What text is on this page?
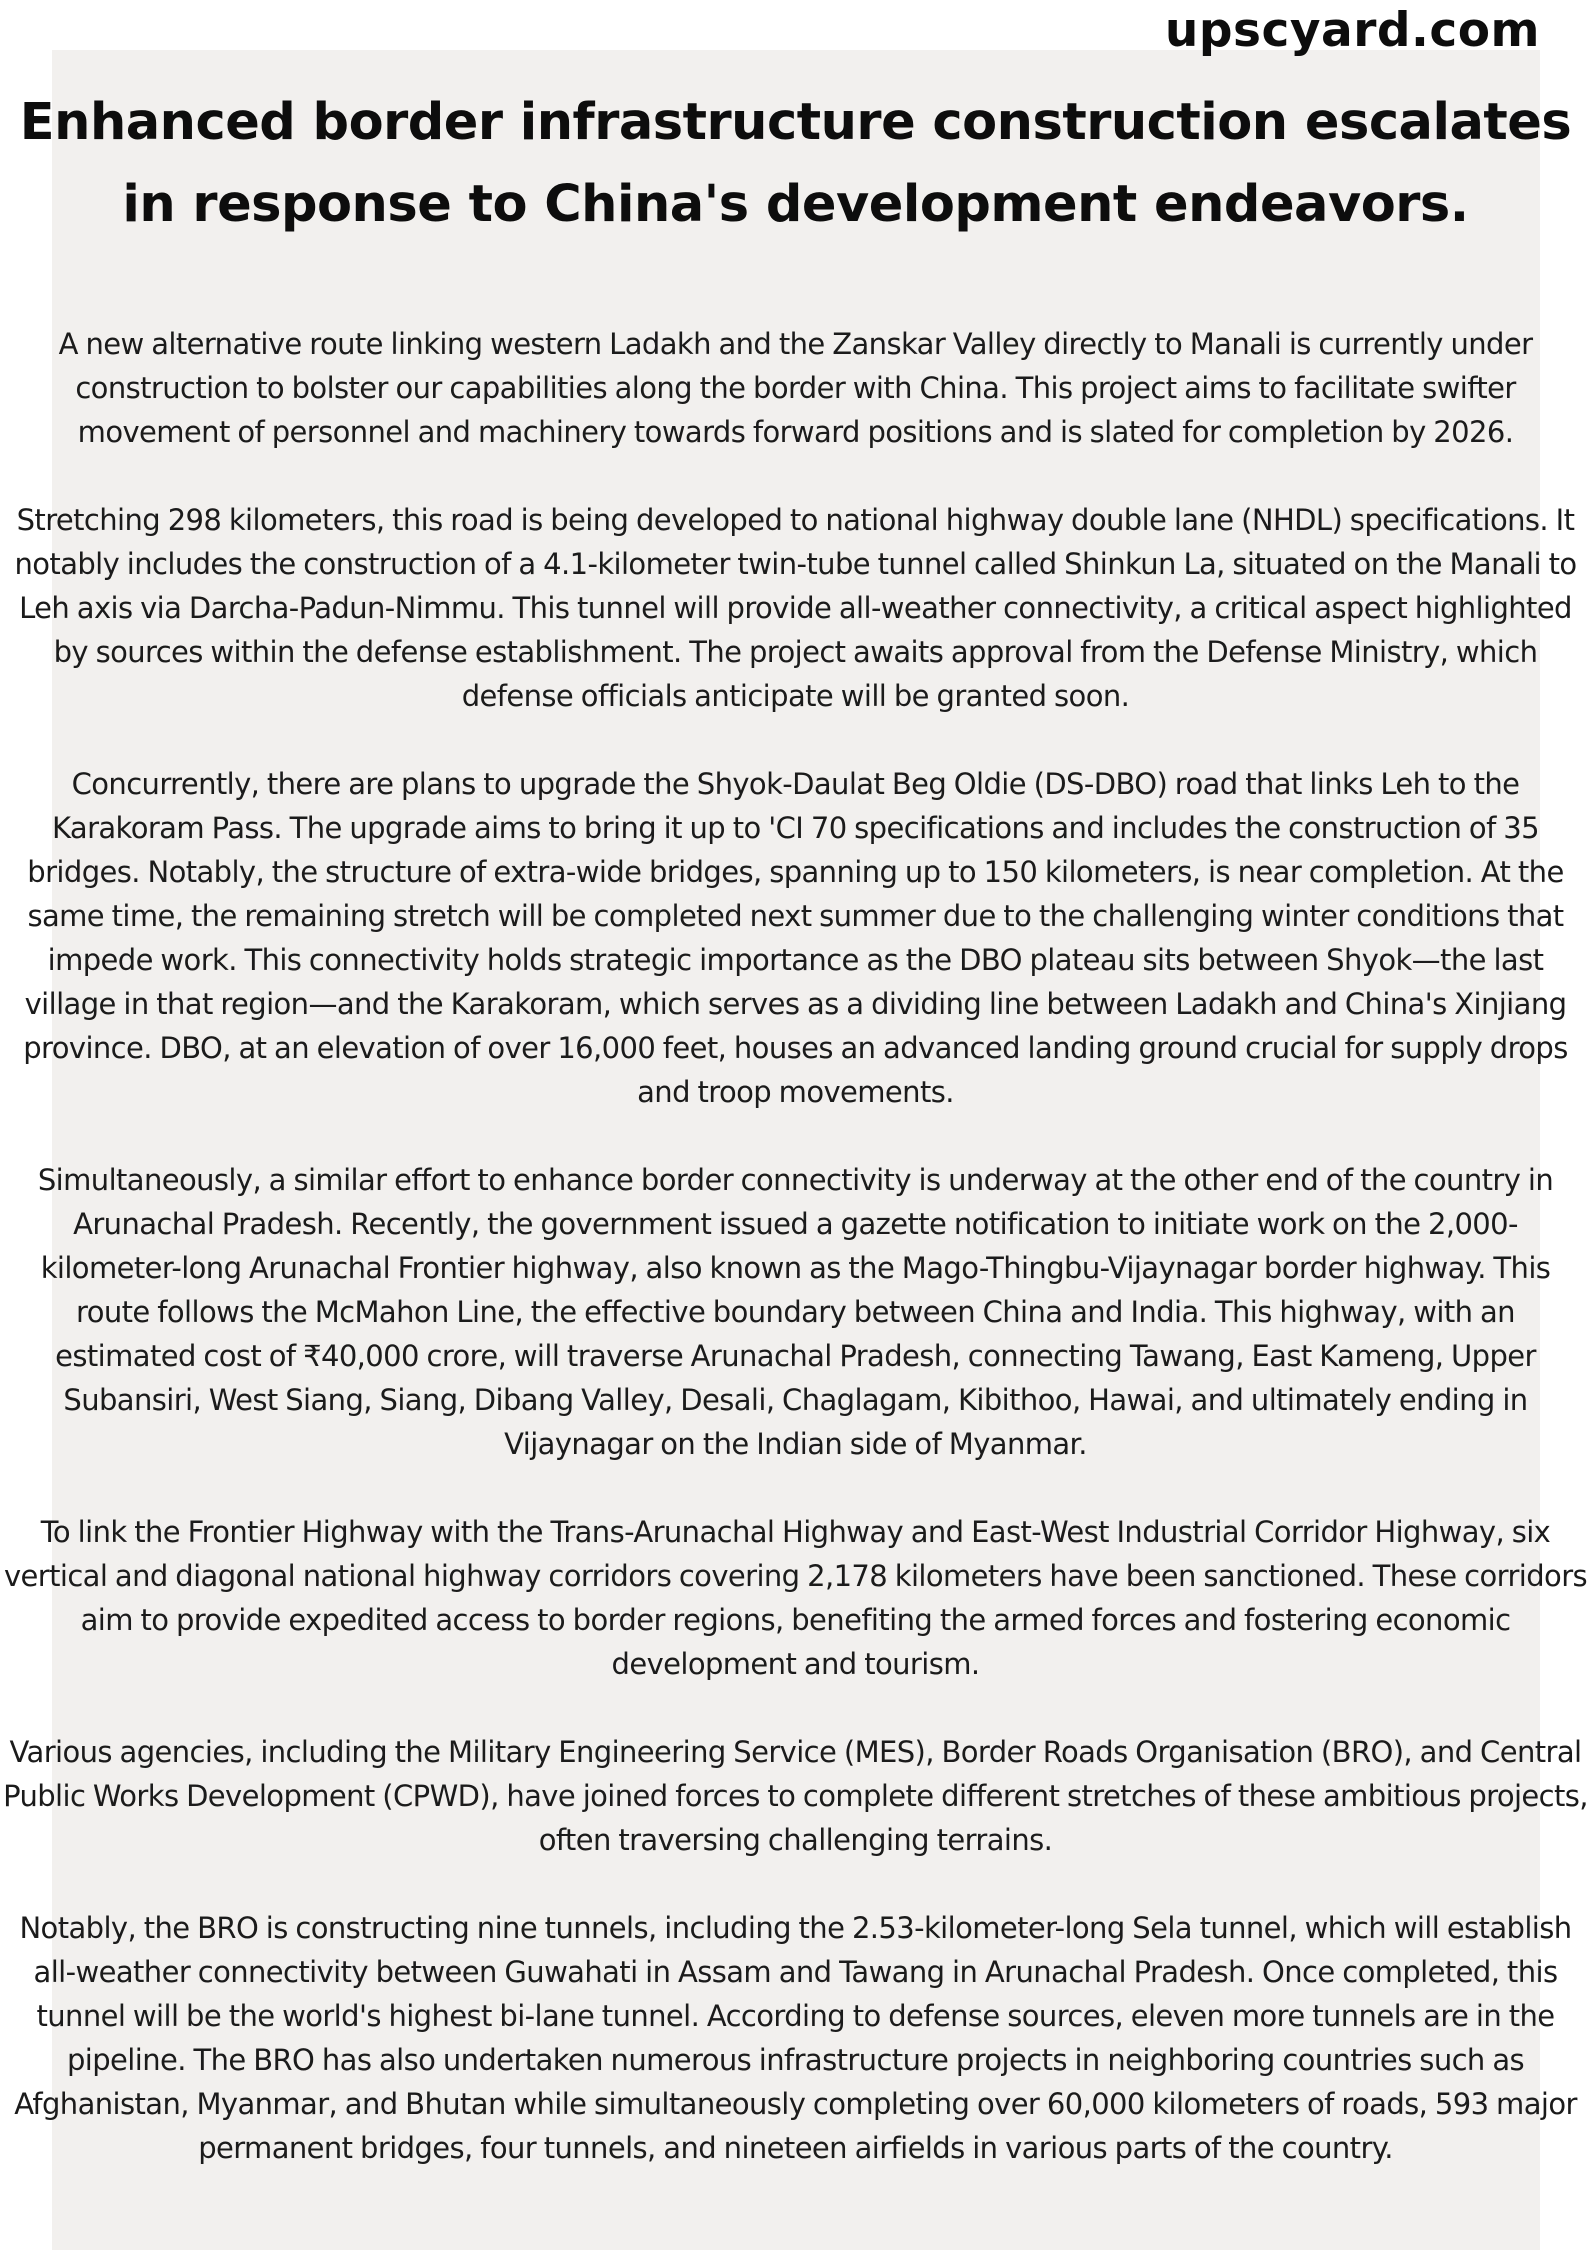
upscyard.com
Enhanced border infrastructure construction escalates
in response to China's development endeavors.

A new alternative route linking western Ladakh and the Zanskar Valley directly to Manali is currently under construction to bolster our capabilities along the border with China. This project aims to facilitate swifter movement of personnel and machinery towards forward positions and is slated for completion by 2026.

Stretching 298 kilometers, this road is being developed to national highway double lane (NHDL) specifications. It notably includes the construction of a 4.1-kilometer twin-tube tunnel called Shinkun La, situated on the Manali to Leh axis via Darcha-Padun-Nimmu. This tunnel will provide all-weather connectivity, a critical aspect highlighted by sources within the defense establishment. The project awaits approval from the Defense Ministry, which defense officials anticipate will be granted soon.

Concurrently, there are plans to upgrade the Shyok-Daulat Beg Oldie (DS-DBO) road that links Leh to the Karakoram Pass. The upgrade aims to bring it up to 'CI 70 specifications and includes the construction of 35 bridges. Notably, the structure of extra-wide bridges, spanning up to 150 kilometers, is near completion. At the same time, the remaining stretch will be completed next summer due to the challenging winter conditions that impede work. This connectivity holds strategic importance as the DBO plateau sits between Shyok—the last village in that region—and the Karakoram, which serves as a dividing line between Ladakh and China's Xinjiang province. DBO, at an elevation of over 16,000 feet, houses an advanced landing ground crucial for supply drops and troop movements.

Simultaneously, a similar effort to enhance border connectivity is underway at the other end of the country in Arunachal Pradesh. Recently, the government issued a gazette notification to initiate work on the 2,000-kilometer-long Arunachal Frontier highway, also known as the Mago-Thingbu-Vijaynagar border highway. This route follows the McMahon Line, the effective boundary between China and India. This highway, with an estimated cost of ₹40,000 crore, will traverse Arunachal Pradesh, connecting Tawang, East Kameng, Upper Subansiri, West Siang, Siang, Dibang Valley, Desali, Chaglagam, Kibithoo, Hawai, and ultimately ending in Vijaynagar on the Indian side of Myanmar.

To link the Frontier Highway with the Trans-Arunachal Highway and East-West Industrial Corridor Highway, six vertical and diagonal national highway corridors covering 2,178 kilometers have been sanctioned. These corridors aim to provide expedited access to border regions, benefiting the armed forces and fostering economic development and tourism.

Various agencies, including the Military Engineering Service (MES), Border Roads Organisation (BRO), and Central Public Works Development (CPWD), have joined forces to complete different stretches of these ambitious projects, often traversing challenging terrains.

Notably, the BRO is constructing nine tunnels, including the 2.53-kilometer-long Sela tunnel, which will establish all-weather connectivity between Guwahati in Assam and Tawang in Arunachal Pradesh. Once completed, this tunnel will be the world's highest bi-lane tunnel. According to defense sources, eleven more tunnels are in the pipeline. The BRO has also undertaken numerous infrastructure projects in neighboring countries such as Afghanistan, Myanmar, and Bhutan while simultaneously completing over 60,000 kilometers of roads, 593 major permanent bridges, four tunnels, and nineteen airfields in various parts of the country.
